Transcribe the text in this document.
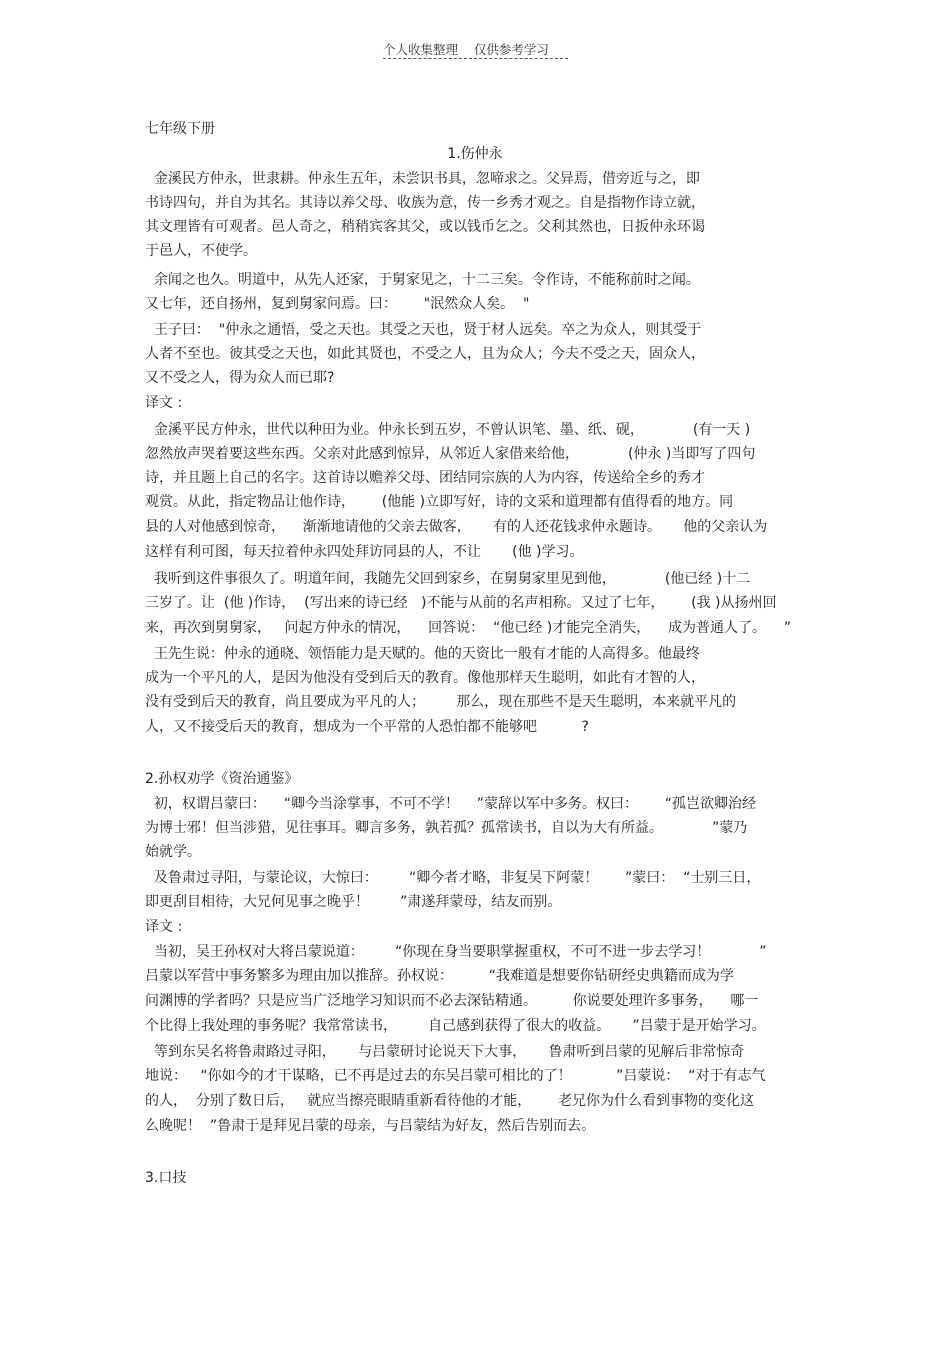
个人收集整理    仅供参考学习
七年级下册
1.伤仲永
金溪民方仲永，世隶耕。仲永生五年，未尝识书具，忽啼求之。父异焉，借旁近与之，即
书诗四句，并自为其名。其诗以养父母、收族为意，传一乡秀才观之。自是指物作诗立就，
其文理皆有可观者。邑人奇之，稍稍宾客其父，或以钱币乞之。父利其然也，日扳仲永环谒
于邑人，不使学。
余闻之也久。明道中，从先人还家，于舅家见之，十二三矣。令作诗，不能称前时之闻。
又七年，还自扬州，复到舅家问焉。曰：      "泯然众人矣。  "
王子曰：  "仲永之通悟，受之天也。其受之天也，贤于材人远矣。卒之为众人，则其受于
人者不至也。彼其受之天也，如此其贤也，不受之人，且为众人；今夫不受之天，固众人，
又不受之人，得为众人而已耶?
译文 :
金溪平民方仲永，世代以种田为业。仲永长到五岁，不曾认识笔、墨、纸、砚，           (有一天 )
忽然放声哭着要这些东西。父亲对此感到惊异，从邻近人家借来给他，           (仲永 )当即写了四句
诗，并且题上自己的名字。这首诗以赡养父母、团结同宗族的人为内容，传送给全乡的秀才
观赏。从此，指定物品让他作诗，      (他能 )立即写好，诗的文采和道理都有值得看的地方。同
县的人对他感到惊奇，    渐渐地请他的父亲去做客，     有的人还花钱求仲永题诗。     他的父亲认为
这样有利可图，每天拉着仲永四处拜访同县的人，不让       (他 )学习。
我听到这件事很久了。明道年间，我随先父回到家乡，在舅舅家里见到他，           (他已经 )十二
三岁了。让  (他 )作诗，  (写出来的诗已经   )不能与从前的名声相称。又过了七年，      (我 )从扬州回
来，再次到舅舅家，   问起方仲永的情况，    回答说：  “他已经 )才能完全消失，    成为普通人了。    ”
王先生说：仲永的通晓、领悟能力是天赋的。他的天资比一般有才能的人高得多。他最终
成为一个平凡的人，是因为他没有受到后天的教育。像他那样天生聪明，如此有才智的人，
没有受到后天的教育，尚且要成为平凡的人；       那么，现在那些不是天生聪明，本来就平凡的
人，又不接受后天的教育，想成为一个平常的人恐怕都不能够吧          ?
2.孙权劝学《资治通鉴》
初，权谓吕蒙曰：    “卿今当涂掌事，不可不学！    ”蒙辞以军中多务。权曰：      “孤岂欲卿治经
为博士邪！但当涉猎，见往事耳。卿言多务，孰若孤？孤常读书，自以为大有所益。           ”蒙乃
始就学。
及鲁肃过寻阳，与蒙论议，大惊曰：       “卿今者才略，非复吴下阿蒙！      ”蒙曰：  “士别三日，
即更刮目相待，大兄何见事之晚乎！       ”肃遂拜蒙母，结友而别。
译文 :
当初，吴王孙权对大将吕蒙说道：       “你现在身当要职掌握重权，不可不进一步去学习！           ”
吕蒙以军营中事务繁多为理由加以推辞。孙权说：        “我难道是想要你钻研经史典籍而成为学
问渊博的学者吗？只是应当广泛地学习知识而不必去深钻精通。        你说要处理许多事务，    哪一
个比得上我处理的事务呢？我常常读书，       自己感到获得了很大的收益。     ”吕蒙于是开始学习。
等到东吴名将鲁肃路过寻阳，     与吕蒙研讨论说天下大事，     鲁肃听到吕蒙的见解后非常惊奇
地说：   “你如今的才干谋略，已不再是过去的东吴吕蒙可相比的了！          ”吕蒙说：  “对于有志气
的人，  分别了数日后，   就应当擦亮眼睛重新看待他的才能，      老兄你为什么看到事物的变化这
么晚呢！  ”鲁肃于是拜见吕蒙的母亲，与吕蒙结为好友，然后告别而去。
3.口技
